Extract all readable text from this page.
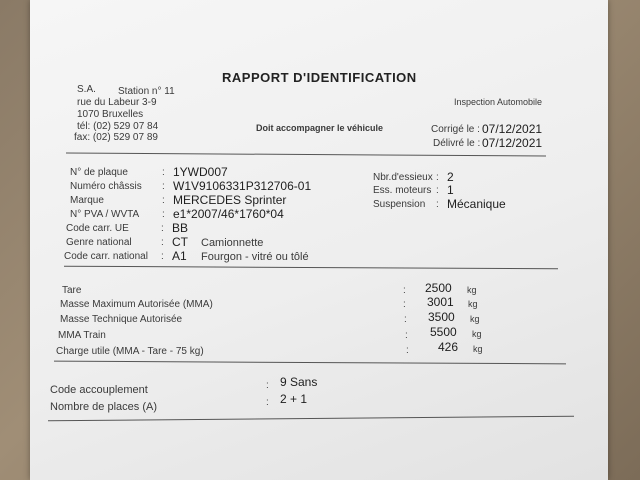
RAPPORT D'IDENTIFICATION
S.A. Station n° 11
rue du Labeur 3-9
1070 Bruxelles
tél: (02) 529 07 84
fax: (02) 529 07 89
Inspection Automobile
Doit accompagner le véhicule	Corrigé le : 07/12/2021
Délivré le : 07/12/2021
N° de plaque	: 1YWD007
Numéro châssis : W1V9106331P312706-01
Marque	: MERCEDES Sprinter
N° PVA / WVTA : e1*2007/46*1760*04
Code carr. UE	: BB
Genre national	: CT Camionnette
Code carr. national : A1 Fourgon - vitré ou tôlé
Nbr.d'essieux : 2
Ess. moteurs : 1
Suspension : Mécanique
Tare	: 2500 kg
Masse Maximum Autorisée (MMA)	: 3001 kg
Masse Technique Autorisée	: 3500 kg
MMA Train	: 5500 kg
Charge utile (MMA - Tare - 75 kg)	: 426 kg
Code accouplement	: 9 Sans
Nombre de places (A)	: 2 + 1
